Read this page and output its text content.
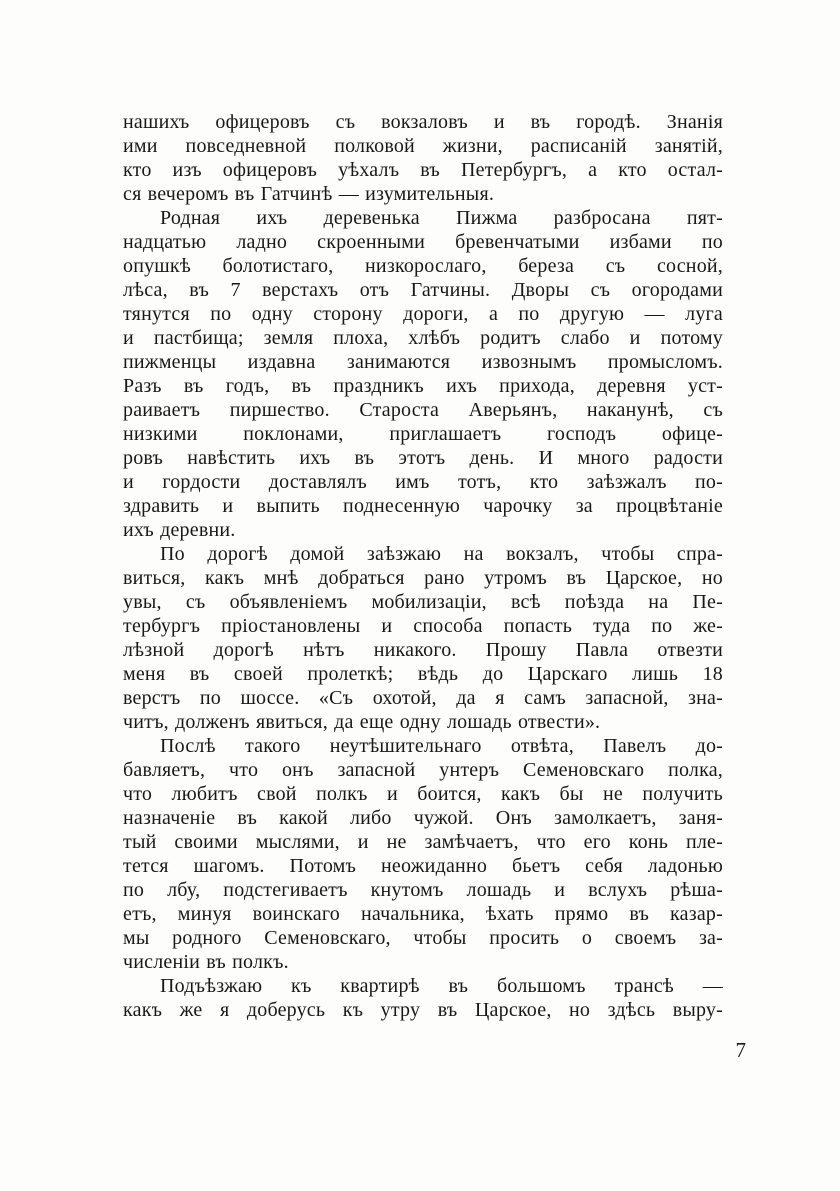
нашихъ офицеровъ съ вокзаловъ и въ городѣ. Знанія
ими повседневной полковой жизни, расписаній занятій,
кто изъ офицеровъ уѣхалъ въ Петербургъ, а кто остал-
ся вечеромъ въ Гатчинѣ — изумительныя.
Родная ихъ деревенька Пижма разбросана пят-
надцатью ладно скроенными бревенчатыми избами по
опушкѣ болотистаго, низкорослаго, береза съ сосной,
лѣса, въ 7 верстахъ отъ Гатчины. Дворы съ огородами
тянутся по одну сторону дороги, а по другую — луга
и пастбища; земля плоха, хлѣбъ родитъ слабо и потому
пижменцы издавна занимаются извознымъ промысломъ.
Разъ въ годъ, въ праздникъ ихъ прихода, деревня уст-
раиваетъ пиршество. Староста Аверьянъ, наканунѣ, съ
низкими поклонами, приглашаетъ господъ офице-
ровъ навѣстить ихъ въ этотъ день. И много радости
и гордости доставлялъ имъ тотъ, кто заѣзжалъ по-
здравить и выпить поднесенную чарочку за процвѣтаніе
ихъ деревни.
По дорогѣ домой заѣзжаю на вокзалъ, чтобы спра-
виться, какъ мнѣ добраться рано утромъ въ Царское, но
увы, съ объявленіемъ мобилизаціи, всѣ поѣзда на Пе-
тербургъ пріостановлены и способа попасть туда по же-
лѣзной дорогѣ нѣтъ никакого. Прошу Павла отвезти
меня въ своей пролеткѣ; вѣдь до Царскаго лишь 18
верстъ по шоссе. «Съ охотой, да я самъ запасной, зна-
читъ, долженъ явиться, да еще одну лошадь отвести».
Послѣ такого неутѣшительнаго отвѣта, Павелъ до-
бавляетъ, что онъ запасной унтеръ Семеновскаго полка,
что любитъ свой полкъ и боится, какъ бы не получить
назначеніе въ какой либо чужой. Онъ замолкаетъ, заня-
тый своими мыслями, и не замѣчаетъ, что его конь пле-
тется шагомъ. Потомъ неожиданно бьетъ себя ладонью
по лбу, подстегиваетъ кнутомъ лошадь и вслухъ рѣша-
етъ, минуя воинскаго начальника, ѣхать прямо въ казар-
мы родного Семеновскаго, чтобы просить о своемъ за-
численіи въ полкъ.
Подъѣзжаю къ квартирѣ въ большомъ трансѣ —
какъ же я доберусь къ утру въ Царское, но здѣсь выру-
7
